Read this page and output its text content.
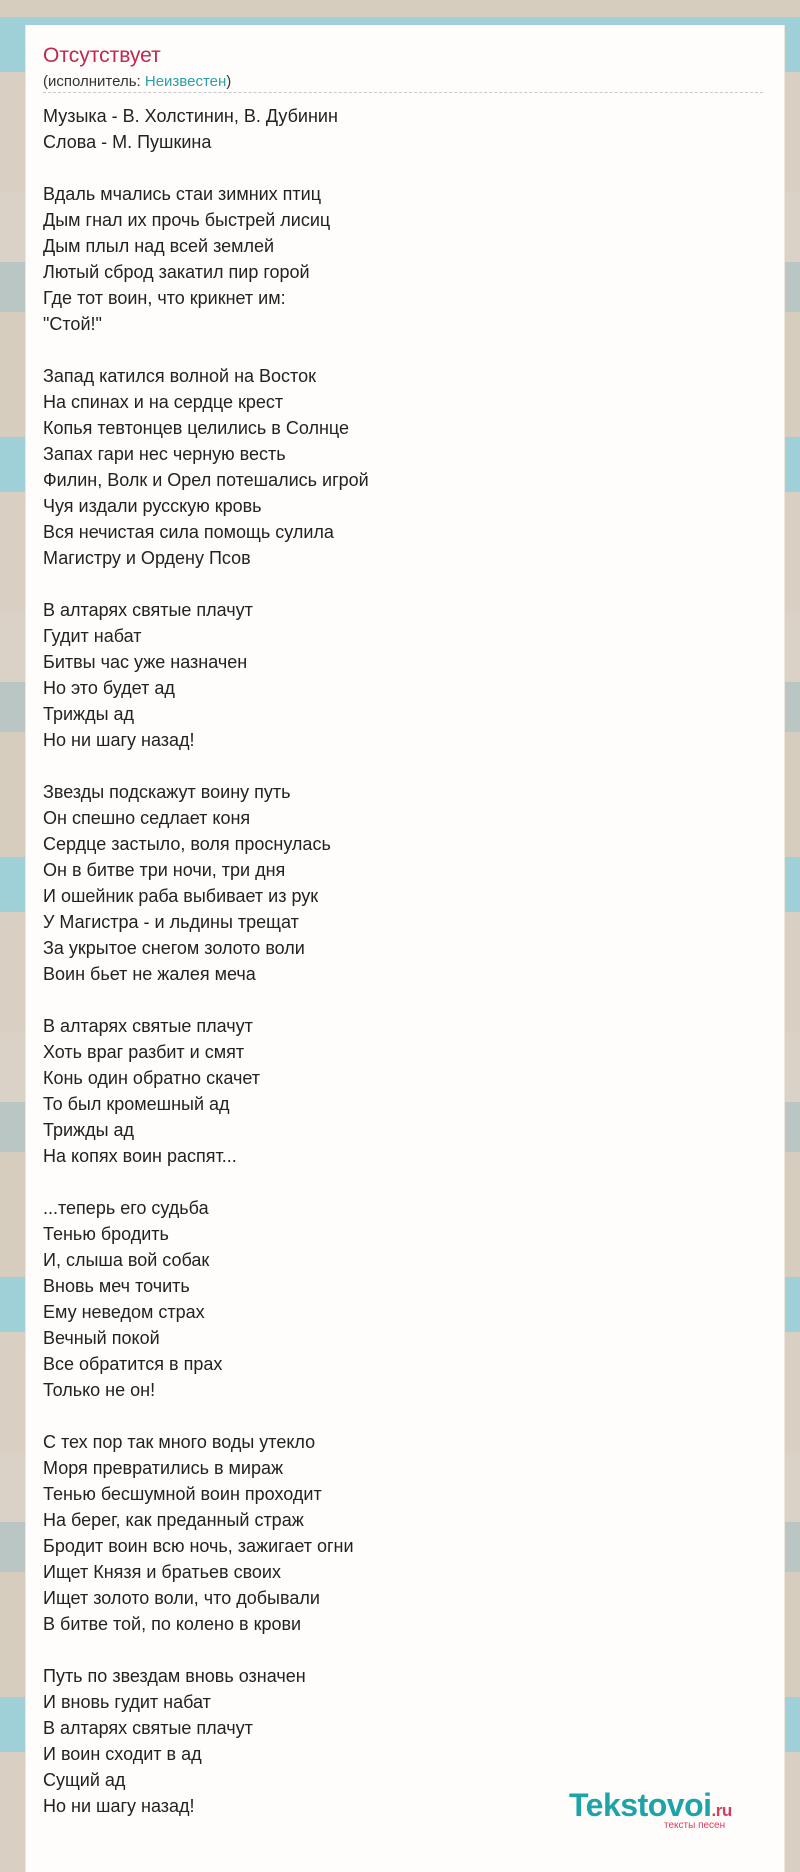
Отсутствует
(исполнитель: Неизвестен)
Музыка - В. Холстинин, В. Дубинин
Слова - М. Пушкина
Вдаль мчались стаи зимних птиц
Дым гнал их прочь быстрей лисиц
Дым плыл над всей землей
Лютый сброд закатил пир горой
Где тот воин, что крикнет им:
"Стой!"
Запад катился волной на Восток
На спинах и на сердце крест
Копья тевтонцев целились в Солнце
Запах гари нес черную весть
Филин, Волк и Орел потешались игрой
Чуя издали русскую кровь
Вся нечистая сила помощь сулила
Магистру и Ордену Псов
В алтарях святые плачут
Гудит набат
Битвы час уже назначен
Но это будет ад
Трижды ад
Но ни шагу назад!
Звезды подскажут воину путь
Он спешно седлает коня
Сердце застыло, воля проснулась
Он в битве три ночи, три дня
И ошейник раба выбивает из рук
У Магистра - и льдины трещат
За укрытое снегом золото воли
Воин бьет не жалея меча
В алтарях святые плачут
Хоть враг разбит и смят
Конь один обратно скачет
То был кромешный ад
Трижды ад
На копях воин распят...
...теперь его судьба
Тенью бродить
И, слыша вой собак
Вновь меч точить
Ему неведом страх
Вечный покой
Все обратится в прах
Только не он!
С тех пор так много воды утекло
Моря превратились в мираж
Тенью бесшумной воин проходит
На берег, как преданный страж
Бродит воин всю ночь, зажигает огни
Ищет Князя и братьев своих
Ищет золото воли, что добывали
В битве той, по колено в крови
Путь по звездам вновь означен
И вновь гудит набат
В алтарях святые плачут
И воин сходит в ад
Сущий ад
Но ни шагу назад!	Tekstovoi.ru
тексты песен
